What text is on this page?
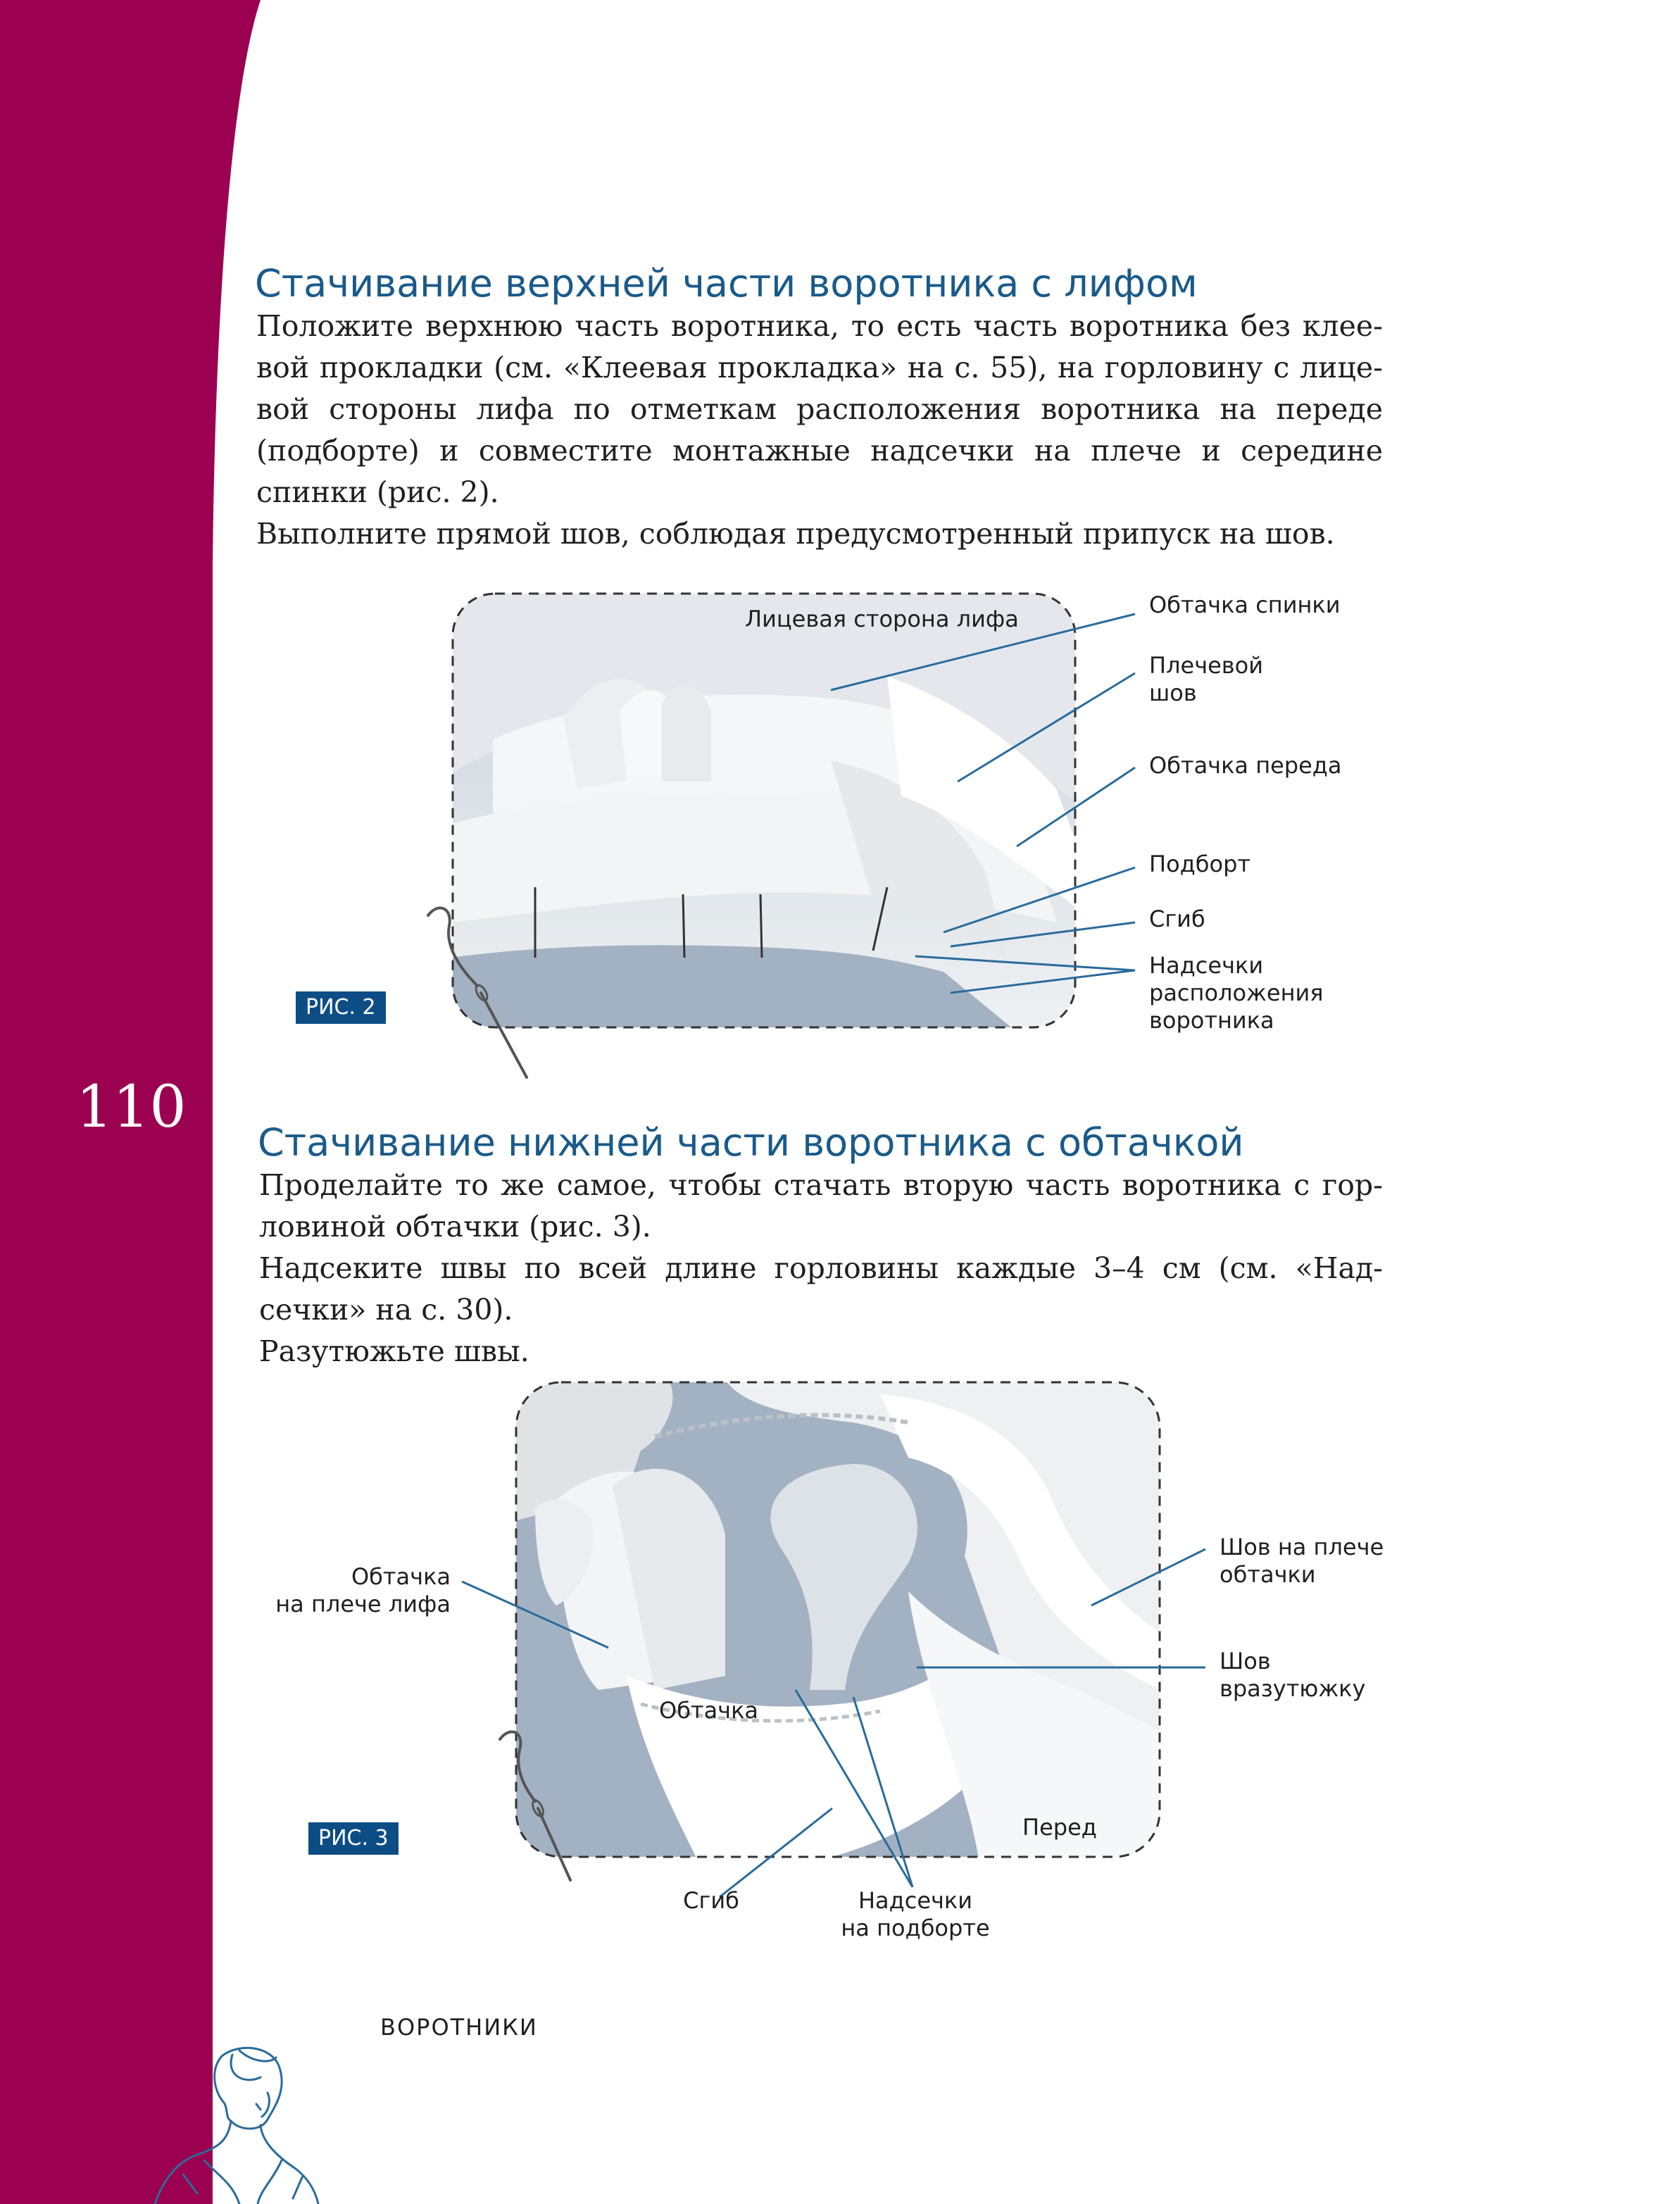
110
Стачивание верхней части воротника с лифом

Положите верхнюю часть воротника, то есть часть воротника без клеевой прокладки (см. «Клеевая прокладка» на с. 55), на горловину с лицевой стороны лифа по отметкам расположения воротника на переде (подборте) и совместите монтажные надсечки на плече и середине спинки (рис. 2).

Выполните прямой шов, соблюдая предусмотренный припуск на шов.

Лицевая сторона лифа
Обтачка спинки
Плечевой
шов
Обтачка переда
Подборт
Сгиб
Надсечки
расположения
воротника
РИС. 2
Стачивание нижней части воротника с обтачкой

Проделайте то же самое, чтобы стачать вторую часть воротника с горловиной обтачки (рис. 3).

Надсеките швы по всей длине горловины каждые 3–4 см (см. «Надсечки» на с. 30).

Разутюжьте швы.

Обтачка
на плече лифа
Шов на плече
обтачки
Шов
вразутюжку
Обтачка
Перед
Сгиб	Надсечки
на подборте
РИС. 3
ВОРОТНИКИ
